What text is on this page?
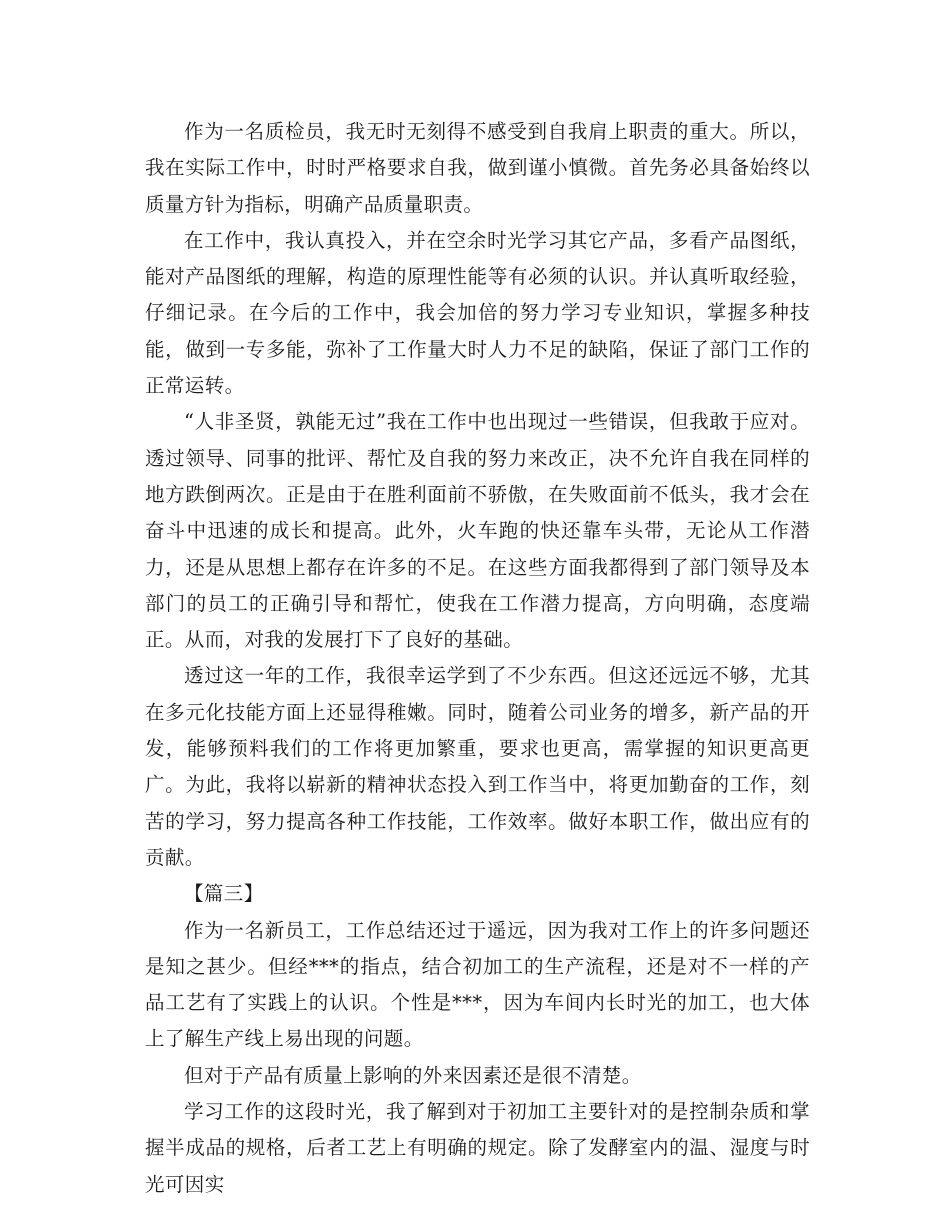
作为一名质检员，我无时无刻得不感受到自我肩上职责的重大。所以，我在实际工作中，时时严格要求自我，做到谨小慎微。首先务必具备始终以质量方针为指标，明确产品质量职责。

在工作中，我认真投入，并在空余时光学习其它产品，多看产品图纸，能对产品图纸的理解，构造的原理性能等有必须的认识。并认真听取经验，仔细记录。在今后的工作中，我会加倍的努力学习专业知识，掌握多种技能，做到一专多能，弥补了工作量大时人力不足的缺陷，保证了部门工作的正常运转。

“人非圣贤，孰能无过”我在工作中也出现过一些错误，但我敢于应对。透过领导、同事的批评、帮忙及自我的努力来改正，决不允许自我在同样的地方跌倒两次。正是由于在胜利面前不骄傲，在失败面前不低头，我才会在奋斗中迅速的成长和提高。此外，火车跑的快还靠车头带，无论从工作潜力，还是从思想上都存在许多的不足。在这些方面我都得到了部门领导及本部门的员工的正确引导和帮忙，使我在工作潜力提高，方向明确，态度端正。从而，对我的发展打下了良好的基础。

透过这一年的工作，我很幸运学到了不少东西。但这还远远不够，尤其在多元化技能方面上还显得稚嫩。同时，随着公司业务的增多，新产品的开发，能够预料我们的工作将更加繁重，要求也更高，需掌握的知识更高更广。为此，我将以崭新的精神状态投入到工作当中，将更加勤奋的工作，刻苦的学习，努力提高各种工作技能，工作效率。做好本职工作，做出应有的贡献。

【篇三】

作为一名新员工，工作总结还过于遥远，因为我对工作上的许多问题还是知之甚少。但经***的指点，结合初加工的生产流程，还是对不一样的产品工艺有了实践上的认识。个性是***，因为车间内长时光的加工，也大体上了解生产线上易出现的问题。

但对于产品有质量上影响的外来因素还是很不清楚。

学习工作的这段时光，我了解到对于初加工主要针对的是控制杂质和掌握半成品的规格，后者工艺上有明确的规定。除了发酵室内的温、湿度与时光可因实
